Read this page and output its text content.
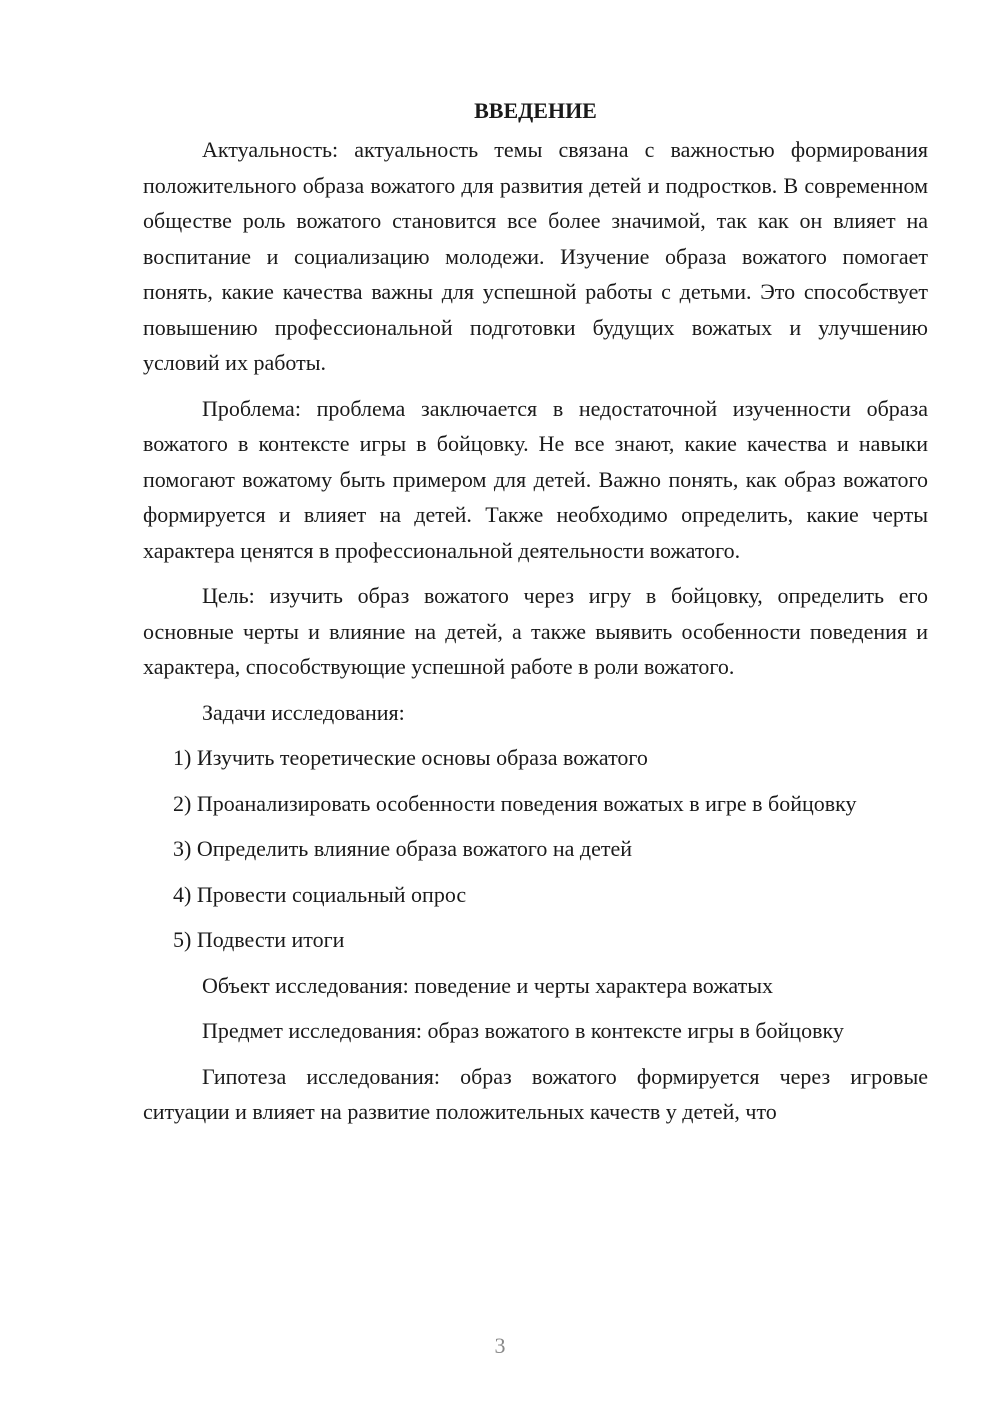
ВВЕДЕНИЕ

Актуальность: актуальность темы связана с важностью формирования положительного образа вожатого для развития детей и подростков. В современном обществе роль вожатого становится все более значимой, так как он влияет на воспитание и социализацию молодежи. Изучение образа вожатого помогает понять, какие качества важны для успешной работы с детьми. Это способствует повышению профессиональной подготовки будущих вожатых и улучшению условий их работы.

Проблема: проблема заключается в недостаточной изученности образа вожатого в контексте игры в бойцовку. Не все знают, какие качества и навыки помогают вожатому быть примером для детей. Важно понять, как образ вожатого формируется и влияет на детей. Также необходимо определить, какие черты характера ценятся в профессиональной деятельности вожатого.

Цель: изучить образ вожатого через игру в бойцовку, определить его основные черты и влияние на детей, а также выявить особенности поведения и характера, способствующие успешной работе в роли вожатого.

Задачи исследования:

1) Изучить теоретические основы образа вожатого

2) Проанализировать особенности поведения вожатых в игре в бойцовку

3) Определить влияние образа вожатого на детей

4) Провести социальный опрос

5) Подвести итоги

Объект исследования: поведение и черты характера вожатых

Предмет исследования: образ вожатого в контексте игры в бойцовку

Гипотеза исследования: образ вожатого формируется через игровые ситуации и влияет на развитие положительных качеств у детей, что

3
